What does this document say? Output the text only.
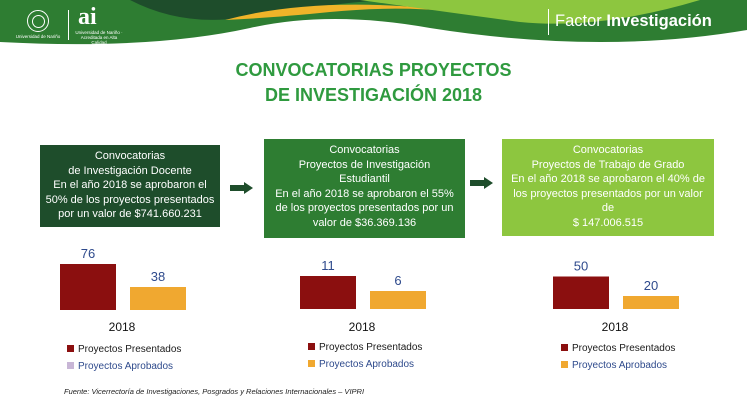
Universidad de Nariño
ai
Universidad de Nariño · Acreditada en Alta Calidad
Factor Investigación
CONVOCATORIAS PROYECTOS
DE INVESTIGACIÓN 2018
Convocatorias
de Investigación Docente
En el año 2018 se aprobaron el
50% de los proyectos presentados
por un valor de $741.660.231
Convocatorias
Proyectos de Investigación
Estudiantil
En el año 2018 se aprobaron el 55%
de los proyectos presentados por un
valor de $36.369.136
Convocatorias
Proyectos de Trabajo de Grado
En el año 2018 se aprobaron el 40% de
los proyectos presentados por un valor
de
$ 147.006.515
76
38
11
6
50
20
2018	2018	2018
Proyectos Presentados
Proyectos Aprobados
Proyectos Presentados
Proyectos Aprobados
Proyectos Presentados
Proyectos Aprobados
Fuente: Vicerrectoría de Investigaciones, Posgrados y Relaciones Internacionales – VIPRI
